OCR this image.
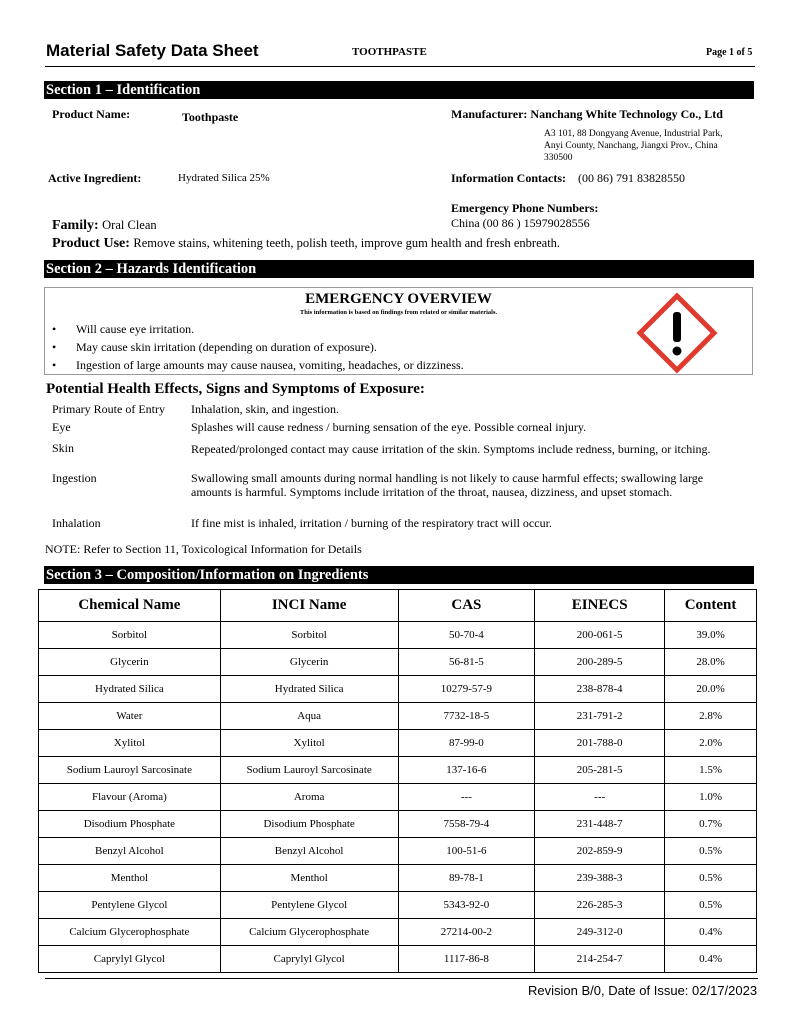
Material Safety Data Sheet	TOOTHPASTE	Page 1 of 5
Section 1 – Identification
Product Name:	Toothpaste	Manufacturer: Nanchang White Technology Co., Ltd
A3 101, 88 Dongyang Avenue, Industrial Park,
Anyi County, Nanchang, Jiangxi Prov., China
330500
Active Ingredient:	Hydrated Silica 25%	Information Contacts: (00 86) 791 83828550
Emergency Phone Numbers:
China (00 86 ) 15979028556
Family: Oral Clean
Product Use: Remove stains, whitening teeth, polish teeth, improve gum health and fresh enbreath.
Section 2 – Hazards Identification
EMERGENCY OVERVIEW
This information is based on findings from related or similar materials.
• Will cause eye irritation.
• May cause skin irritation (depending on duration of exposure).
• Ingestion of large amounts may cause nausea, vomiting, headaches, or dizziness.
Potential Health Effects, Signs and Symptoms of Exposure:
Primary Route of Entry Inhalation, skin, and ingestion.
Eye	Splashes will cause redness / burning sensation of the eye. Possible corneal injury.
Skin	Repeated/prolonged contact may cause irritation of the skin. Symptoms include redness, burning, or itching.
Ingestion	Swallowing small amounts during normal handling is not likely to cause harmful effects; swallowing large amounts is harmful. Symptoms include irritation of the throat, nausea, dizziness, and upset stomach.
Inhalation	If fine mist is inhaled, irritation / burning of the respiratory tract will occur.
NOTE: Refer to Section 11, Toxicological Information for Details
Section 3 – Composition/Information on Ingredients
Chemical Name	INCI Name	CAS	EINECS	Content
Sorbitol	Sorbitol	50-70-4	200-061-5	39.0%
Glycerin	Glycerin	56-81-5	200-289-5	28.0%
Hydrated Silica	Hydrated Silica	10279-57-9	238-878-4	20.0%
Water	Aqua	7732-18-5	231-791-2	2.8%
Xylitol	Xylitol	87-99-0	201-788-0	2.0%
Sodium Lauroyl Sarcosinate	Sodium Lauroyl Sarcosinate	137-16-6	205-281-5	1.5%
Flavour (Aroma)	Aroma	---	---	1.0%
Disodium Phosphate	Disodium Phosphate	7558-79-4	231-448-7	0.7%
Benzyl Alcohol	Benzyl Alcohol	100-51-6	202-859-9	0.5%
Menthol	Menthol	89-78-1	239-388-3	0.5%
Pentylene Glycol	Pentylene Glycol	5343-92-0	226-285-3	0.5%
Calcium Glycerophosphate	Calcium Glycerophosphate	27214-00-2	249-312-0	0.4%
Caprylyl Glycol	Caprylyl Glycol	1117-86-8	214-254-7	0.4%
Revision B/0, Date of Issue: 02/17/2023
